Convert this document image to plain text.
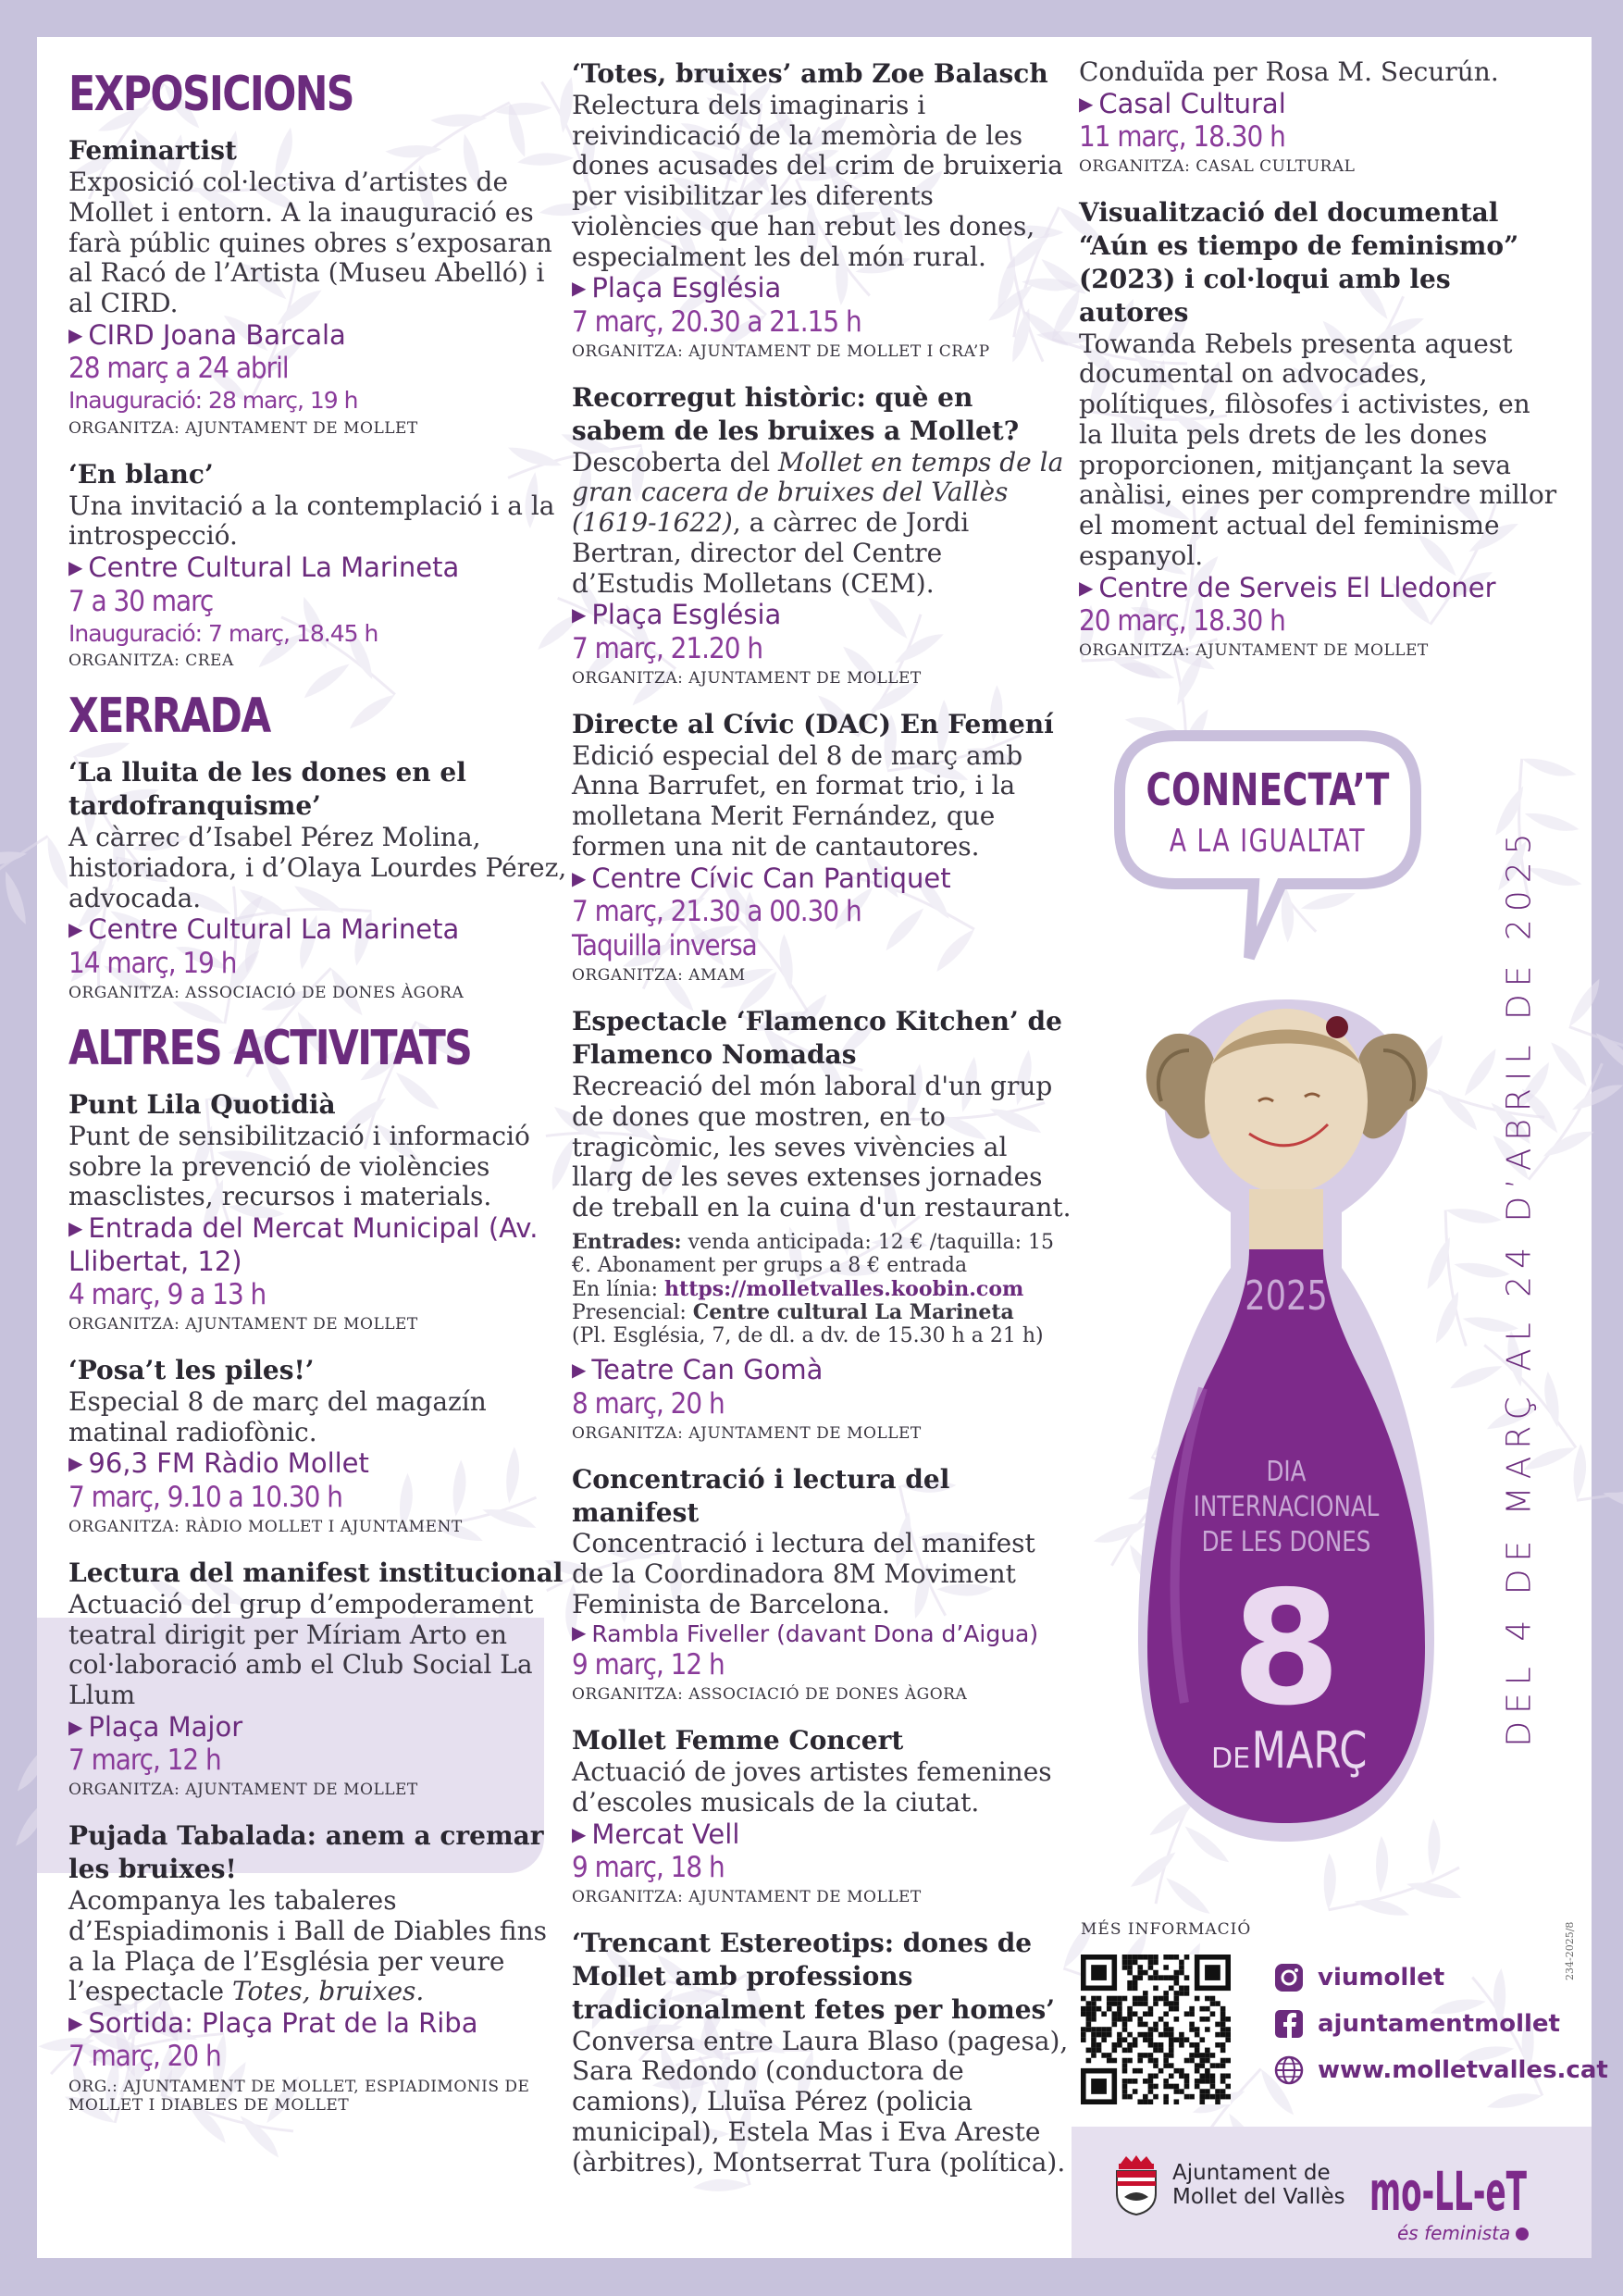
EXPOSICIONS
Feminartist
Exposició col·lectiva d’artistes de Mollet i entorn. A la inauguració es farà públic quines obres s’exposaran al Racó de l’Artista (Museu Abelló) i al CIRD.
▶ CIRD Joana Barcala
28 març a 24 abril
Inauguració: 28 març, 19 h
ORGANITZA: AJUNTAMENT DE MOLLET
‘En blanc’
Una invitació a la contemplació i a la introspecció.
▶ Centre Cultural La Marineta
7 a 30 març
Inauguració: 7 març, 18.45 h
ORGANITZA: CREA
XERRADA
‘La lluita de les dones en el tardofranquisme’
A càrrec d’Isabel Pérez Molina, historiadora, i d’Olaya Lourdes Pérez, advocada.
▶ Centre Cultural La Marineta
14 març, 19 h
ORGANITZA: ASSOCIACIÓ DE DONES ÀGORA
ALTRES ACTIVITATS
Punt Lila Quotidià
Punt de sensibilització i informació sobre la prevenció de violències masclistes, recursos i materials.
▶ Entrada del Mercat Municipal (Av. Llibertat, 12)
4 març, 9 a 13 h
ORGANITZA: AJUNTAMENT DE MOLLET
‘Posa’t les piles!’
Especial 8 de març del magazín matinal radiofònic.
▶ 96,3 FM Ràdio Mollet
7 març, 9.10 a 10.30 h
ORGANITZA: RÀDIO MOLLET I AJUNTAMENT
Lectura del manifest institucional
Actuació del grup d’empoderament teatral dirigit per Míriam Arto en col·laboració amb el Club Social La Llum
▶ Plaça Major
7 març, 12 h
ORGANITZA: AJUNTAMENT DE MOLLET
Pujada Tabalada: anem a cremar les bruixes!
Acompanya les tabaleres d’Espiadimonis i Ball de Diables fins a la Plaça de l’Església per veure l’espectacle Totes, bruixes.
▶ Sortida: Plaça Prat de la Riba
7 març, 20 h
ORG.: AJUNTAMENT DE MOLLET, ESPIADIMONIS DE MOLLET I DIABLES DE MOLLET
‘Totes, bruixes’ amb Zoe Balasch
Relectura dels imaginaris i reivindicació de la memòria de les dones acusades del crim de bruixeria per visibilitzar les diferents violències que han rebut les dones, especialment les del món rural.
▶ Plaça Església
7 març, 20.30 a 21.15 h
ORGANITZA: AJUNTAMENT DE MOLLET I CRA’P
Recorregut històric: què en sabem de les bruixes a Mollet?
Descoberta del Mollet en temps de la gran cacera de bruixes del Vallès (1619-1622), a càrrec de Jordi Bertran, director del Centre d’Estudis Molletans (CEM).
▶ Plaça Església
7 març, 21.20 h
ORGANITZA: AJUNTAMENT DE MOLLET
Directe al Cívic (DAC) En Femení
Edició especial del 8 de març amb Anna Barrufet, en format trio, i la molletana Merit Fernández, que formen una nit de cantautores.
▶ Centre Cívic Can Pantiquet
7 març, 21.30 a 00.30 h
Taquilla inversa
ORGANITZA: AMAM
Espectacle ‘Flamenco Kitchen’ de Flamenco Nomadas
Recreació del món laboral d'un grup de dones que mostren, en to tragicòmic, les seves vivències al llarg de les seves extenses jornades de treball en la cuina d'un restaurant.
Entrades: venda anticipada: 12 € /taquilla: 15 €. Abonament per grups a 8 € entrada
En línia: https://molletvalles.koobin.com
Presencial: Centre cultural La Marineta
(Pl. Església, 7, de dl. a dv. de 15.30 h a 21 h)
▶ Teatre Can Gomà
8 març, 20 h
ORGANITZA: AJUNTAMENT DE MOLLET
Concentració i lectura del manifest
Concentració i lectura del manifest de la Coordinadora 8M Moviment Feminista de Barcelona.
▶ Rambla Fiveller (davant Dona d’Aigua)
9 març, 12 h
ORGANITZA: ASSOCIACIÓ DE DONES ÀGORA
Mollet Femme Concert
Actuació de joves artistes femenines d’escoles musicals de la ciutat.
▶ Mercat Vell
9 març, 18 h
ORGANITZA: AJUNTAMENT DE MOLLET
‘Trencant Estereotips: dones de Mollet amb professions tradicionalment fetes per homes’
Conversa entre Laura Blaso (pagesa), Sara Redondo (conductora de camions), Lluïsa Pérez (policia municipal), Estela Mas i Eva Areste (àrbitres), Montserrat Tura (política).
Conduïda per Rosa M. Securún.
▶ Casal Cultural
11 març, 18.30 h
ORGANITZA: CASAL CULTURAL
Visualització del documental “Aún es tiempo de feminismo” (2023) i col·loqui amb les autores
Towanda Rebels presenta aquest documental on advocades, polítiques, filòsofes i activistes, en la lluita pels drets de les dones proporcionen, mitjançant la seva anàlisi, eines per comprendre millor el moment actual del feminisme espanyol.
▶ Centre de Serveis El Lledoner
20 març, 18.30 h
ORGANITZA: AJUNTAMENT DE MOLLET
CONNECTA’T
A LA IGUALTAT
2025
DIA
INTERNACIONAL
DE LES DONES
8
DE MARÇ
DEL 4 DE MARÇ AL 24 D’ABRIL DE 2025
MÉS INFORMACIÓ
viumollet
ajuntamentmollet
www.molletvalles.cat
Ajuntament de
Mollet del Vallès mo-LL-eT
és feminista
234-2025/8
